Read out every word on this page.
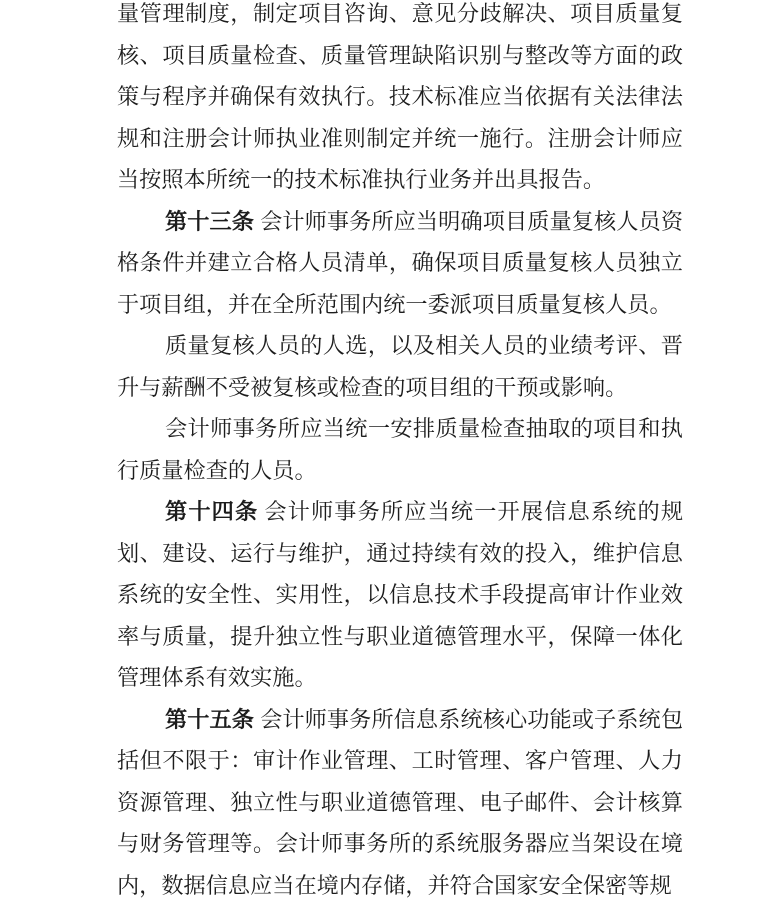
量管理制度，制定项目咨询、意见分歧解决、项目质量复核、项目质量检查、质量管理缺陷识别与整改等方面的政策与程序并确保有效执行。技术标准应当依据有关法律法规和注册会计师执业准则制定并统一施行。注册会计师应当按照本所统一的技术标准执行业务并出具报告。

第十三条 会计师事务所应当明确项目质量复核人员资格条件并建立合格人员清单，确保项目质量复核人员独立于项目组，并在全所范围内统一委派项目质量复核人员。

质量复核人员的人选，以及相关人员的业绩考评、晋升与薪酬不受被复核或检查的项目组的干预或影响。

会计师事务所应当统一安排质量检查抽取的项目和执行质量检查的人员。

第十四条 会计师事务所应当统一开展信息系统的规划、建设、运行与维护，通过持续有效的投入，维护信息系统的安全性、实用性，以信息技术手段提高审计作业效率与质量，提升独立性与职业道德管理水平，保障一体化管理体系有效实施。

第十五条 会计师事务所信息系统核心功能或子系统包括但不限于：审计作业管理、工时管理、客户管理、人力资源管理、独立性与职业道德管理、电子邮件、会计核算与财务管理等。会计师事务所的系统服务器应当架设在境内，数据信息应当在境内存储，并符合国家安全保密等规
